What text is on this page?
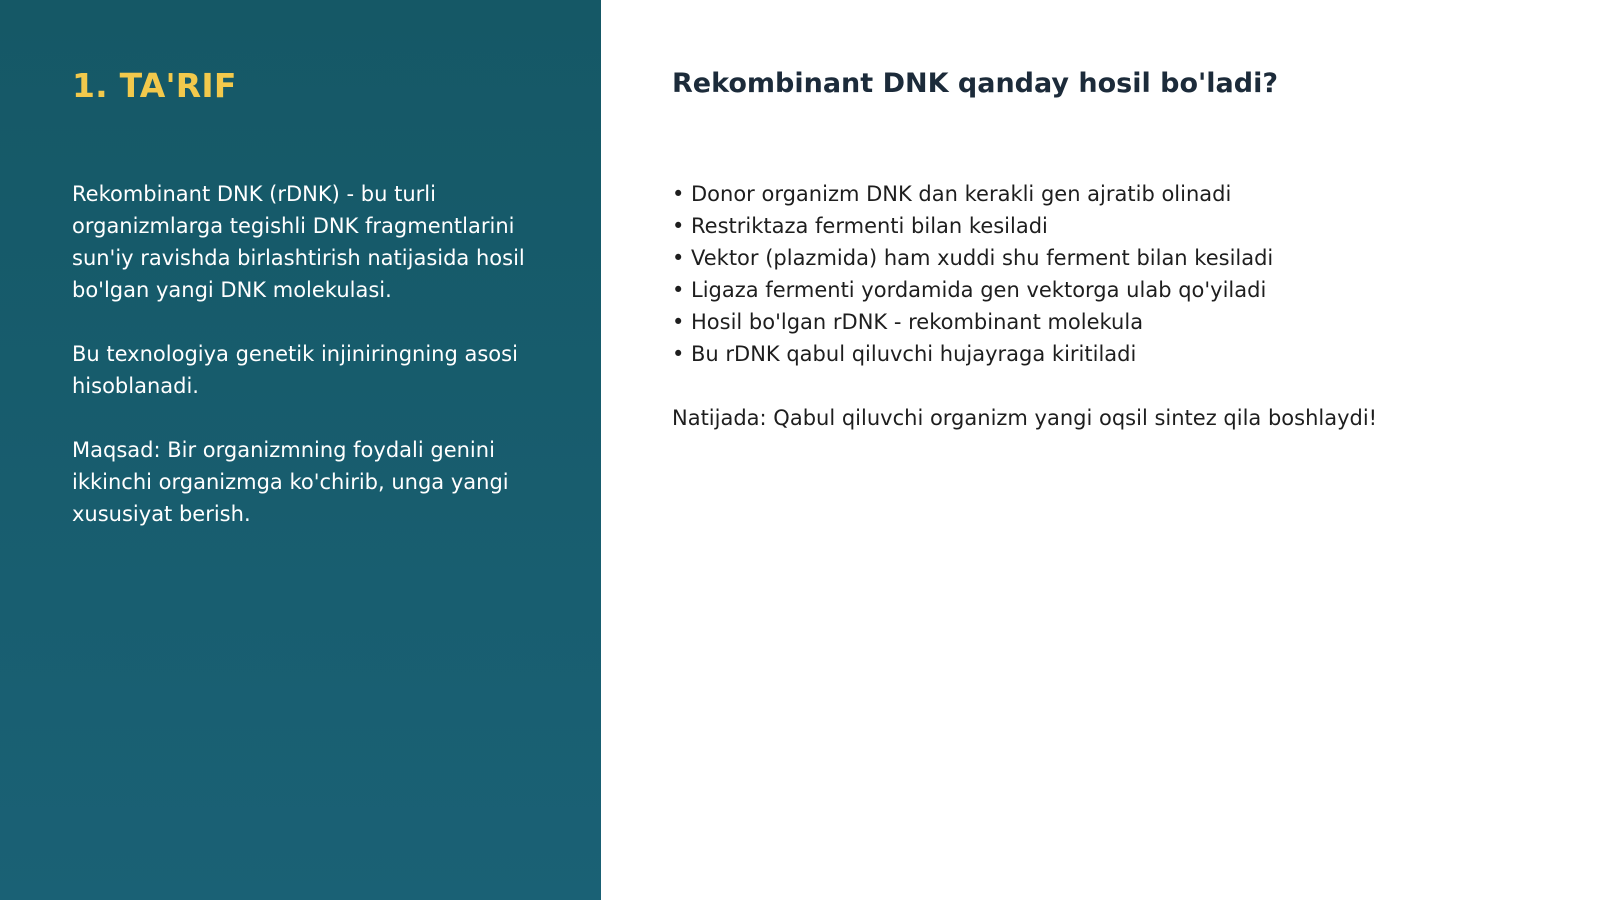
1. TA'RIF

Rekombinant DNK (rDNK) - bu turli organizmlarga tegishli DNK fragmentlarini sun'iy ravishda birlashtirish natijasida hosil bo'lgan yangi DNK molekulasi.

Bu texnologiya genetik injiniringning asosi hisoblanadi.

Maqsad: Bir organizmning foydali genini ikkinchi organizmga ko'chirib, unga yangi xususiyat berish.

Rekombinant DNK qanday hosil bo'ladi?
• Donor organizm DNK dan kerakli gen ajratib olinadi
• Restriktaza fermenti bilan kesiladi
• Vektor (plazmida) ham xuddi shu ferment bilan kesiladi
• Ligaza fermenti yordamida gen vektorga ulab qo'yiladi
• Hosil bo'lgan rDNK - rekombinant molekula
• Bu rDNK qabul qiluvchi hujayraga kiritiladi

Natijada: Qabul qiluvchi organizm yangi oqsil sintez qila boshlaydi!
